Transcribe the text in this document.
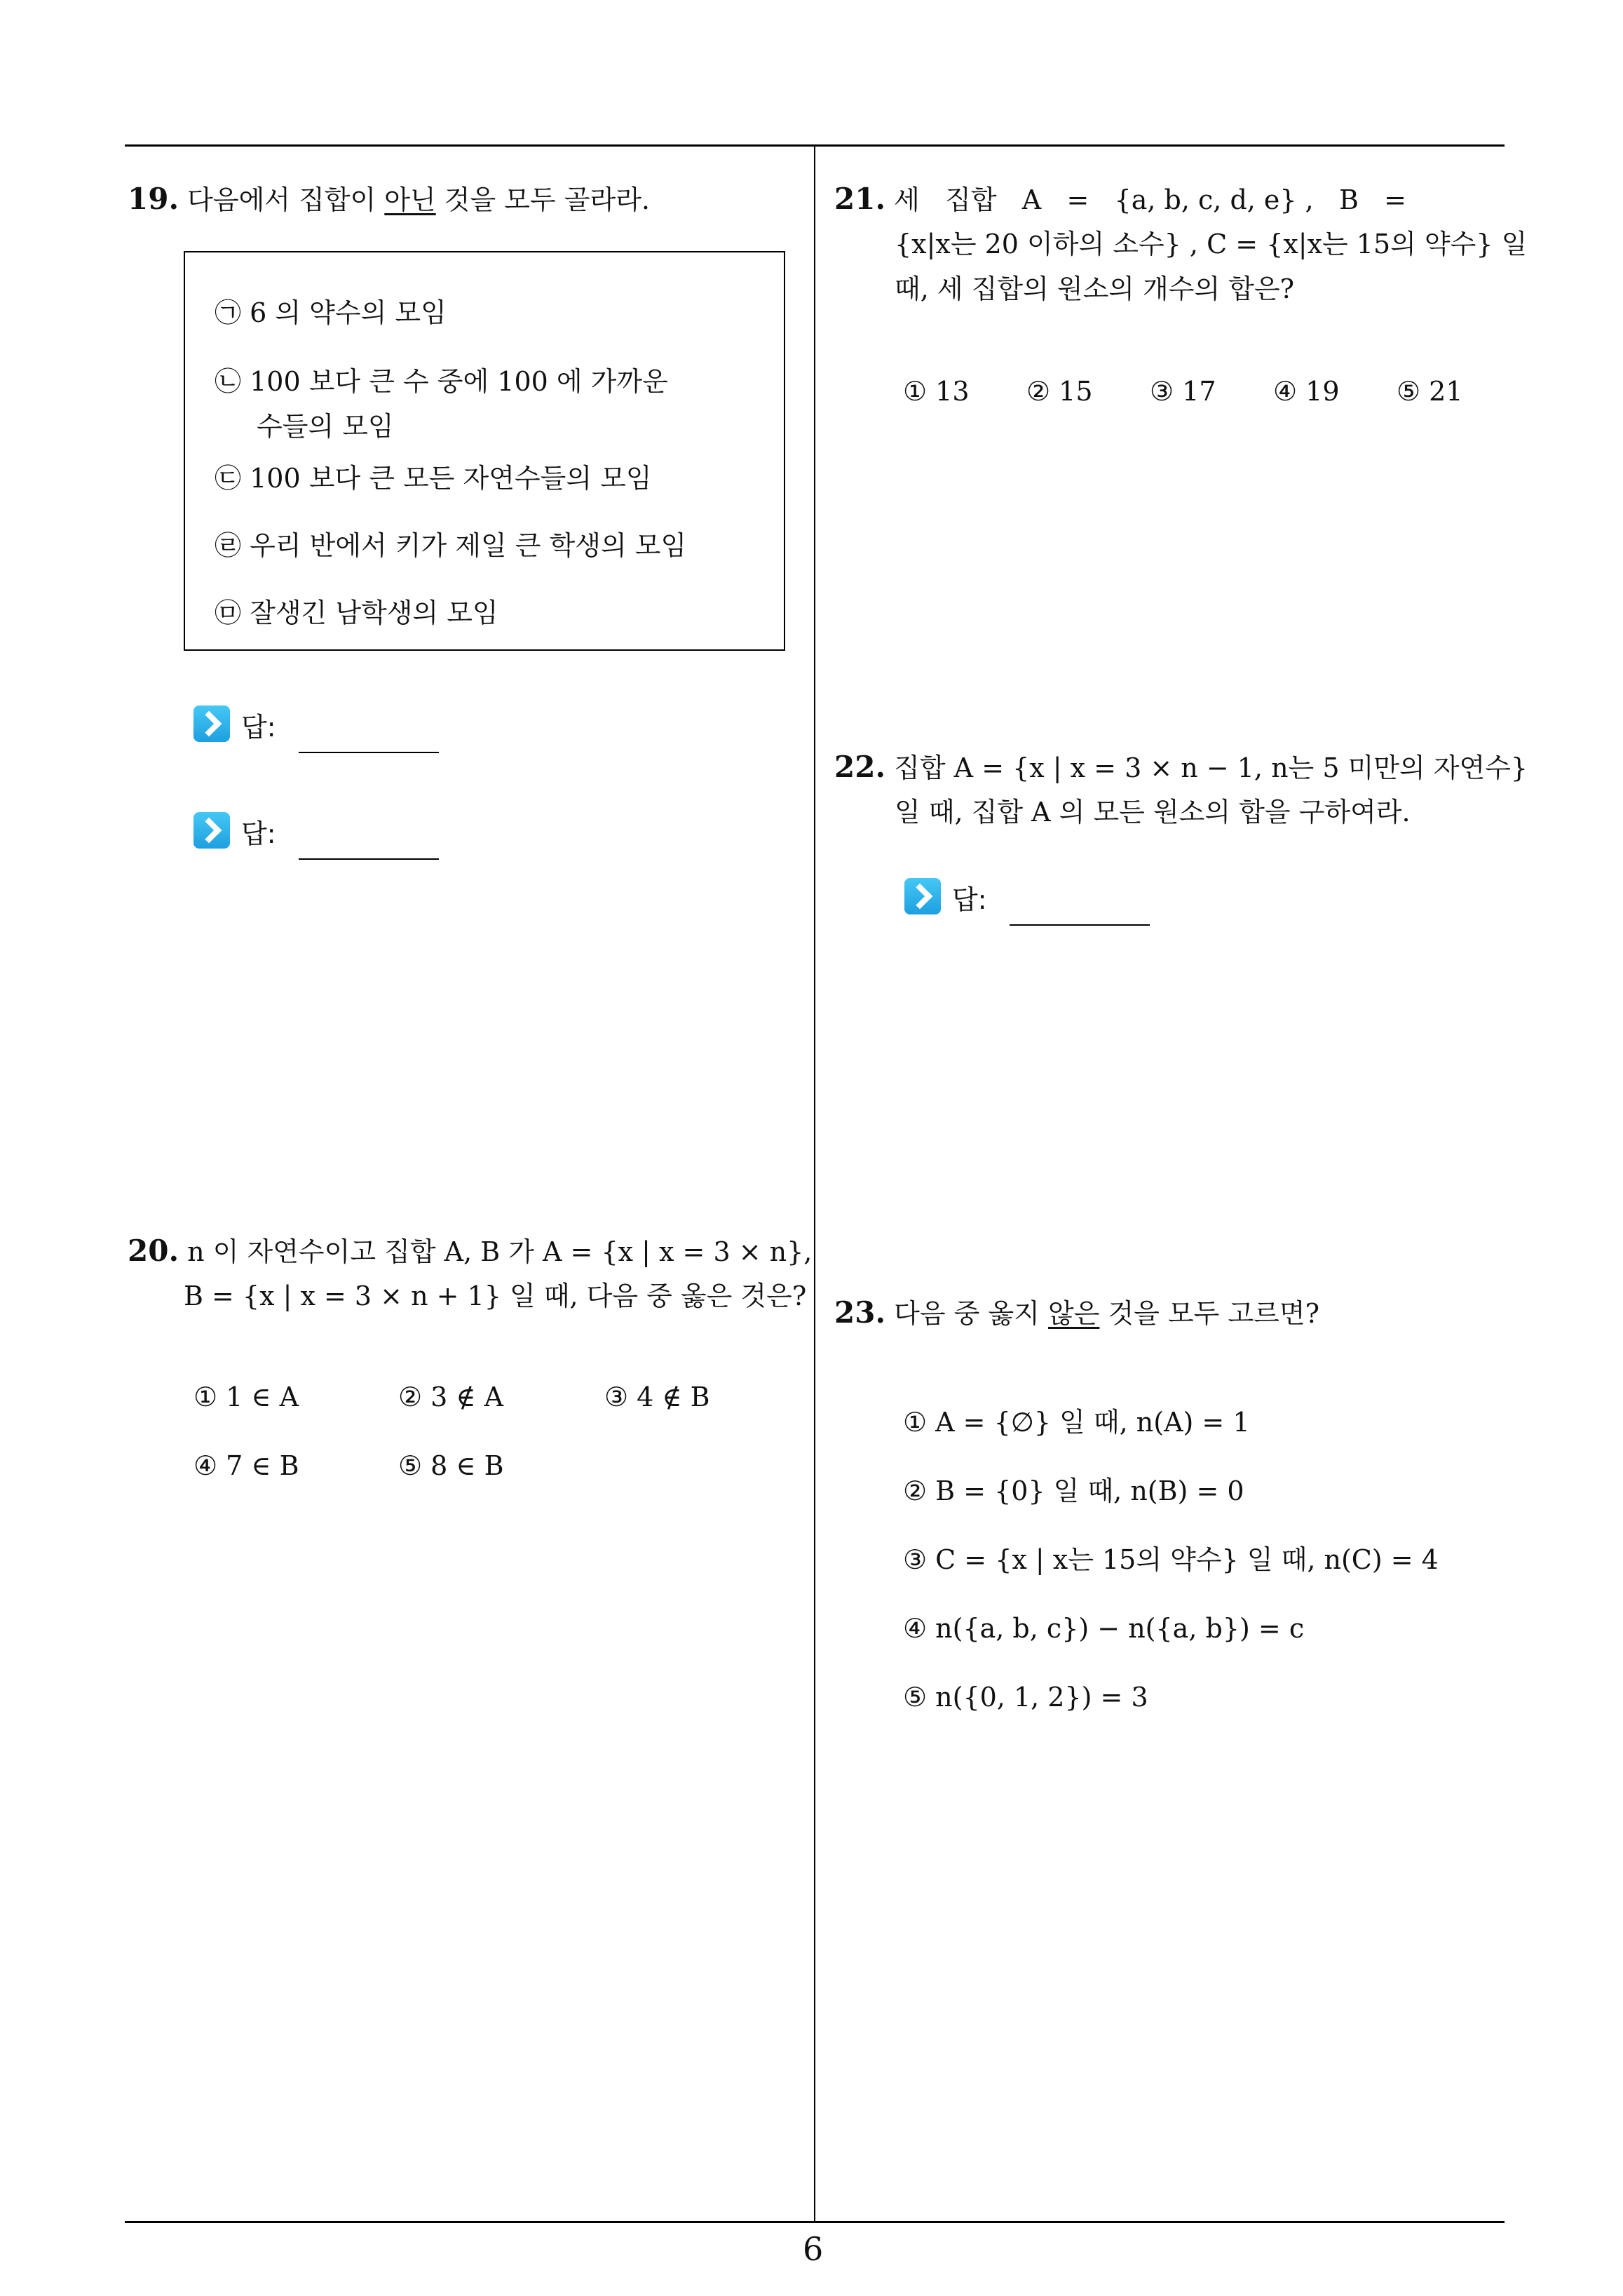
19. 다음에서 집합이 아닌 것을 모두 골라라.
㉠ 6 의 약수의 모임
㉡ 100 보다 큰 수 중에 100 에 가까운
수들의 모임
㉢ 100 보다 큰 모든 자연수들의 모임
㉣ 우리 반에서 키가 제일 큰 학생의 모임
㉤ 잘생긴 남학생의 모임
답:
답:
20. n 이 자연수이고 집합 A, B 가 A = {x | x = 3 × n},
B = {x | x = 3 × n + 1} 일 때, 다음 중 옳은 것은?
① 1 ∈ A	② 3 ∉ A	③ 4 ∉ B
④ 7 ∈ B	⑤ 8 ∈ B
21. 세   집합   A   =   {a, b, c, d, e} ,   B   =
{x|x는 20 이하의 소수} , C = {x|x는 15의 약수} 일
때, 세 집합의 원소의 개수의 합은?
① 13 ② 15 ③ 17 ④ 19 ⑤ 21
22. 집합 A = {x | x = 3 × n − 1, n는 5 미만의 자연수}
일 때, 집합 A 의 모든 원소의 합을 구하여라.
답:
23. 다음 중 옳지 않은 것을 모두 고르면?
① A = {∅} 일 때, n(A) = 1
② B = {0} 일 때, n(B) = 0
③ C = {x | x는 15의 약수} 일 때, n(C) = 4
④ n({a, b, c}) − n({a, b}) = c
⑤ n({0, 1, 2}) = 3
6
